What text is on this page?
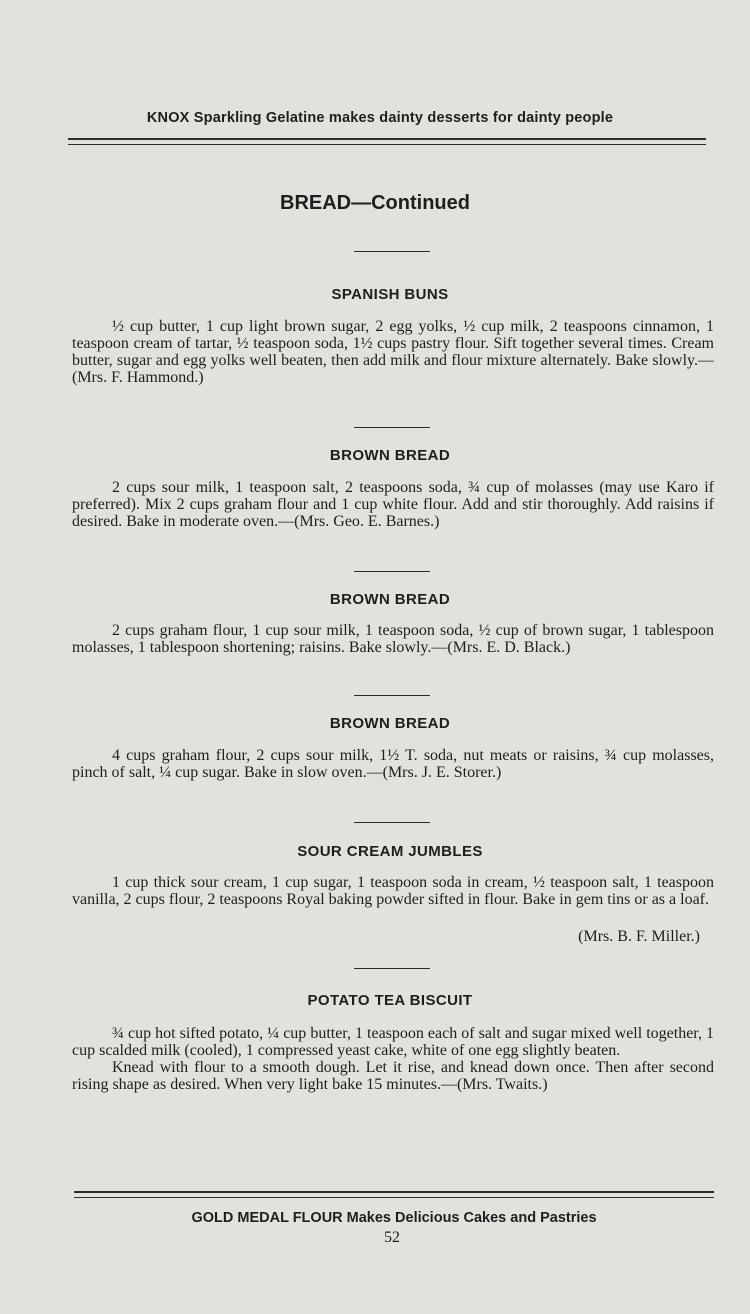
KNOX Sparkling Gelatine makes dainty desserts for dainty people
BREAD—Continued
SPANISH BUNS

½ cup butter, 1 cup light brown sugar, 2 egg yolks, ½ cup milk, 2 teaspoons cinnamon, 1 teaspoon cream of tartar, ½ teaspoon soda, 1½ cups pastry flour. Sift together several times. Cream butter, sugar and egg yolks well beaten, then add milk and flour mixture alternately. Bake slowly.—(Mrs. F. Hammond.)

BROWN BREAD

2 cups sour milk, 1 teaspoon salt, 2 teaspoons soda, ¾ cup of molasses (may use Karo if preferred). Mix 2 cups graham flour and 1 cup white flour. Add and stir thoroughly. Add raisins if desired. Bake in moderate oven.—(Mrs. Geo. E. Barnes.)

BROWN BREAD

2 cups graham flour, 1 cup sour milk, 1 teaspoon soda, ½ cup of brown sugar, 1 tablespoon molasses, 1 tablespoon shortening; raisins. Bake slowly.—(Mrs. E. D. Black.)

BROWN BREAD

4 cups graham flour, 2 cups sour milk, 1½ T. soda, nut meats or raisins, ¾ cup molasses, pinch of salt, ¼ cup sugar. Bake in slow oven.—(Mrs. J. E. Storer.)

SOUR CREAM JUMBLES

1 cup thick sour cream, 1 cup sugar, 1 teaspoon soda in cream, ½ teaspoon salt, 1 teaspoon vanilla, 2 cups flour, 2 teaspoons Royal baking powder sifted in flour. Bake in gem tins or as a loaf.

(Mrs. B. F. Miller.)
POTATO TEA BISCUIT

¾ cup hot sifted potato, ¼ cup butter, 1 teaspoon each of salt and sugar mixed well together, 1 cup scalded milk (cooled), 1 compressed yeast cake, white of one egg slightly beaten.

Knead with flour to a smooth dough. Let it rise, and knead down once. Then after second rising shape as desired. When very light bake 15 minutes.—(Mrs. Twaits.)

GOLD MEDAL FLOUR Makes Delicious Cakes and Pastries
52
